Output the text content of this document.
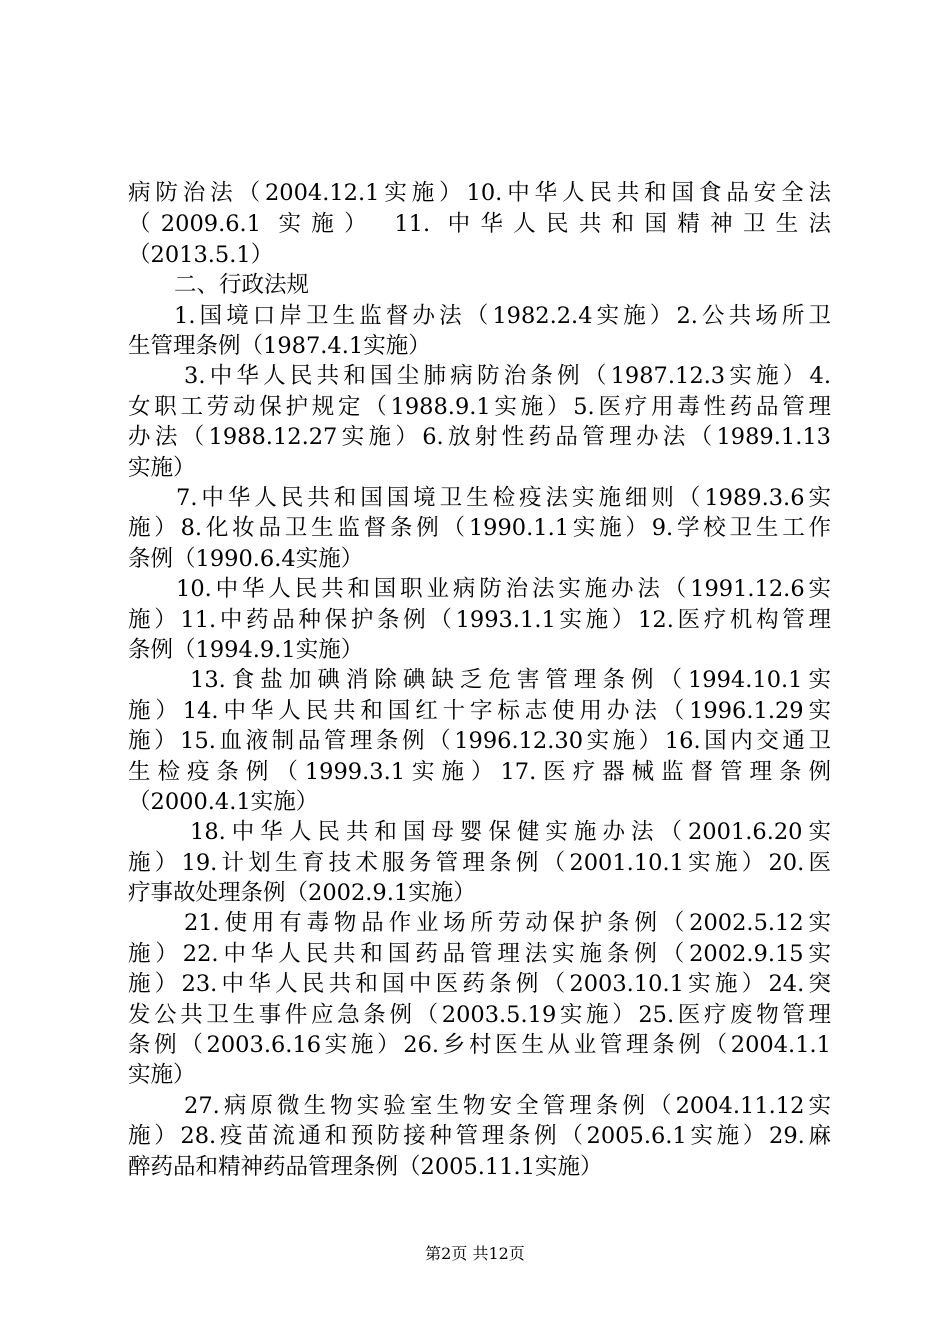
病防治法（2004.12.1实施）10.中华人民共和国食品安全法
（2009.6.1 实施） 11. 中华人民共和国精神卫生法
（2013.5.1）
二、行政法规
1.国境口岸卫生监督办法（1982.2.4实施）2.公共场所卫
生管理条例（1987.4.1实施）
3.中华人民共和国尘肺病防治条例（1987.12.3实施）4.
女职工劳动保护规定（1988.9.1实施）5.医疗用毒性药品管理
办法（1988.12.27实施）6.放射性药品管理办法（1989.1.13
实施）
7.中华人民共和国国境卫生检疫法实施细则（1989.3.6实
施）8.化妆品卫生监督条例（1990.1.1实施）9.学校卫生工作
条例（1990.6.4实施）
10.中华人民共和国职业病防治法实施办法（1991.12.6实
施）11.中药品种保护条例（1993.1.1实施）12.医疗机构管理
条例（1994.9.1实施）
13.食盐加碘消除碘缺乏危害管理条例（1994.10.1实
施）14.中华人民共和国红十字标志使用办法（1996.1.29实
施）15.血液制品管理条例（1996.12.30实施）16.国内交通卫
生检疫条例（1999.3.1实施）17.医疗器械监督管理条例
（2000.4.1实施）
18.中华人民共和国母婴保健实施办法（2001.6.20实
施）19.计划生育技术服务管理条例（2001.10.1实施）20.医
疗事故处理条例（2002.9.1实施）
21.使用有毒物品作业场所劳动保护条例（2002.5.12实
施）22.中华人民共和国药品管理法实施条例（2002.9.15实
施）23.中华人民共和国中医药条例（2003.10.1实施）24.突
发公共卫生事件应急条例（2003.5.19实施）25.医疗废物管理
条例（2003.6.16实施）26.乡村医生从业管理条例（2004.1.1
实施）
27.病原微生物实验室生物安全管理条例（2004.11.12实
施）28.疫苗流通和预防接种管理条例（2005.6.1实施）29.麻
醉药品和精神药品管理条例（2005.11.1实施）
第2页 共12页
